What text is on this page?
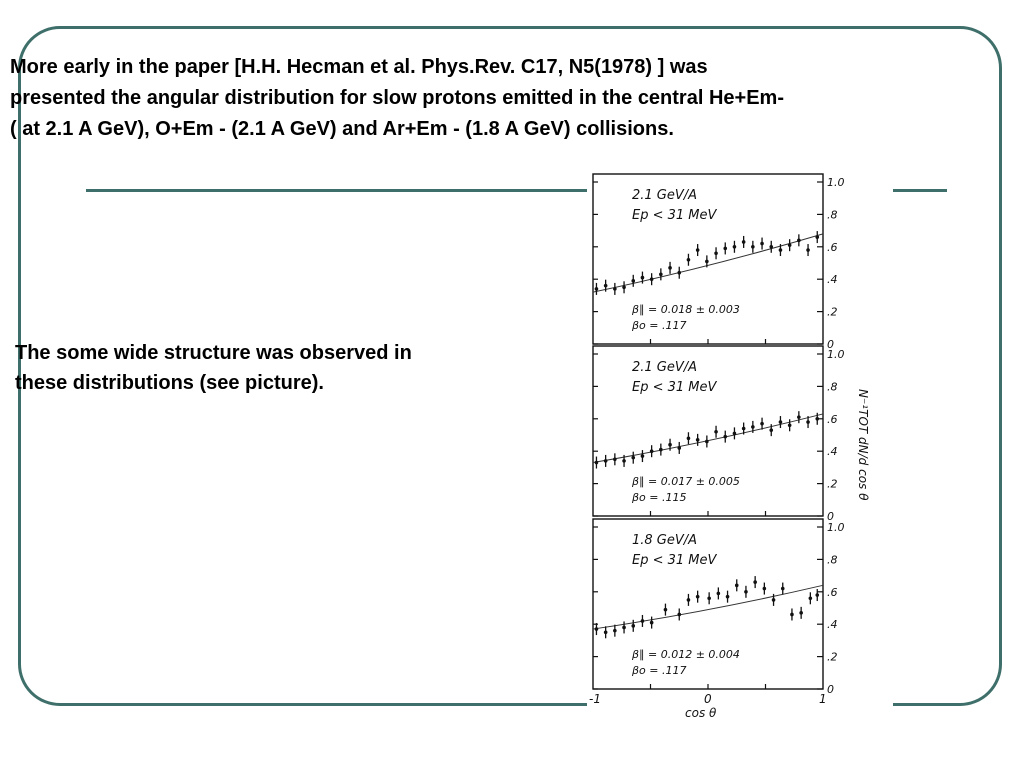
More early in the paper [H.H. Hecman et al. Phys.Rev. C17, N5(1978) ] was
presented the angular distribution for slow protons emitted in the central He+Em-
( at 2.1 A GeV), O+Em - (2.1 A GeV) and Ar+Em - (1.8 A GeV) collisions.
The some wide structure was observed in
these distributions (see picture).
1.0
.8
.6
.4
.2
0
2.1 GeV/A
Ep < 31 MeV
β∥ = 0.018 ± 0.003
βo = .117
1.0
.8
.6
.4
.2
0
2.1 GeV/A
Ep < 31 MeV
β∥ = 0.017 ± 0.005
βo = .115
1.0
.8
.6
.4
.2
0
1.8 GeV/A
Ep < 31 MeV
β∥ = 0.012 ± 0.004
βo = .117
N⁻¹TOT dN/d cos θ
-1	0	1
cos θ
